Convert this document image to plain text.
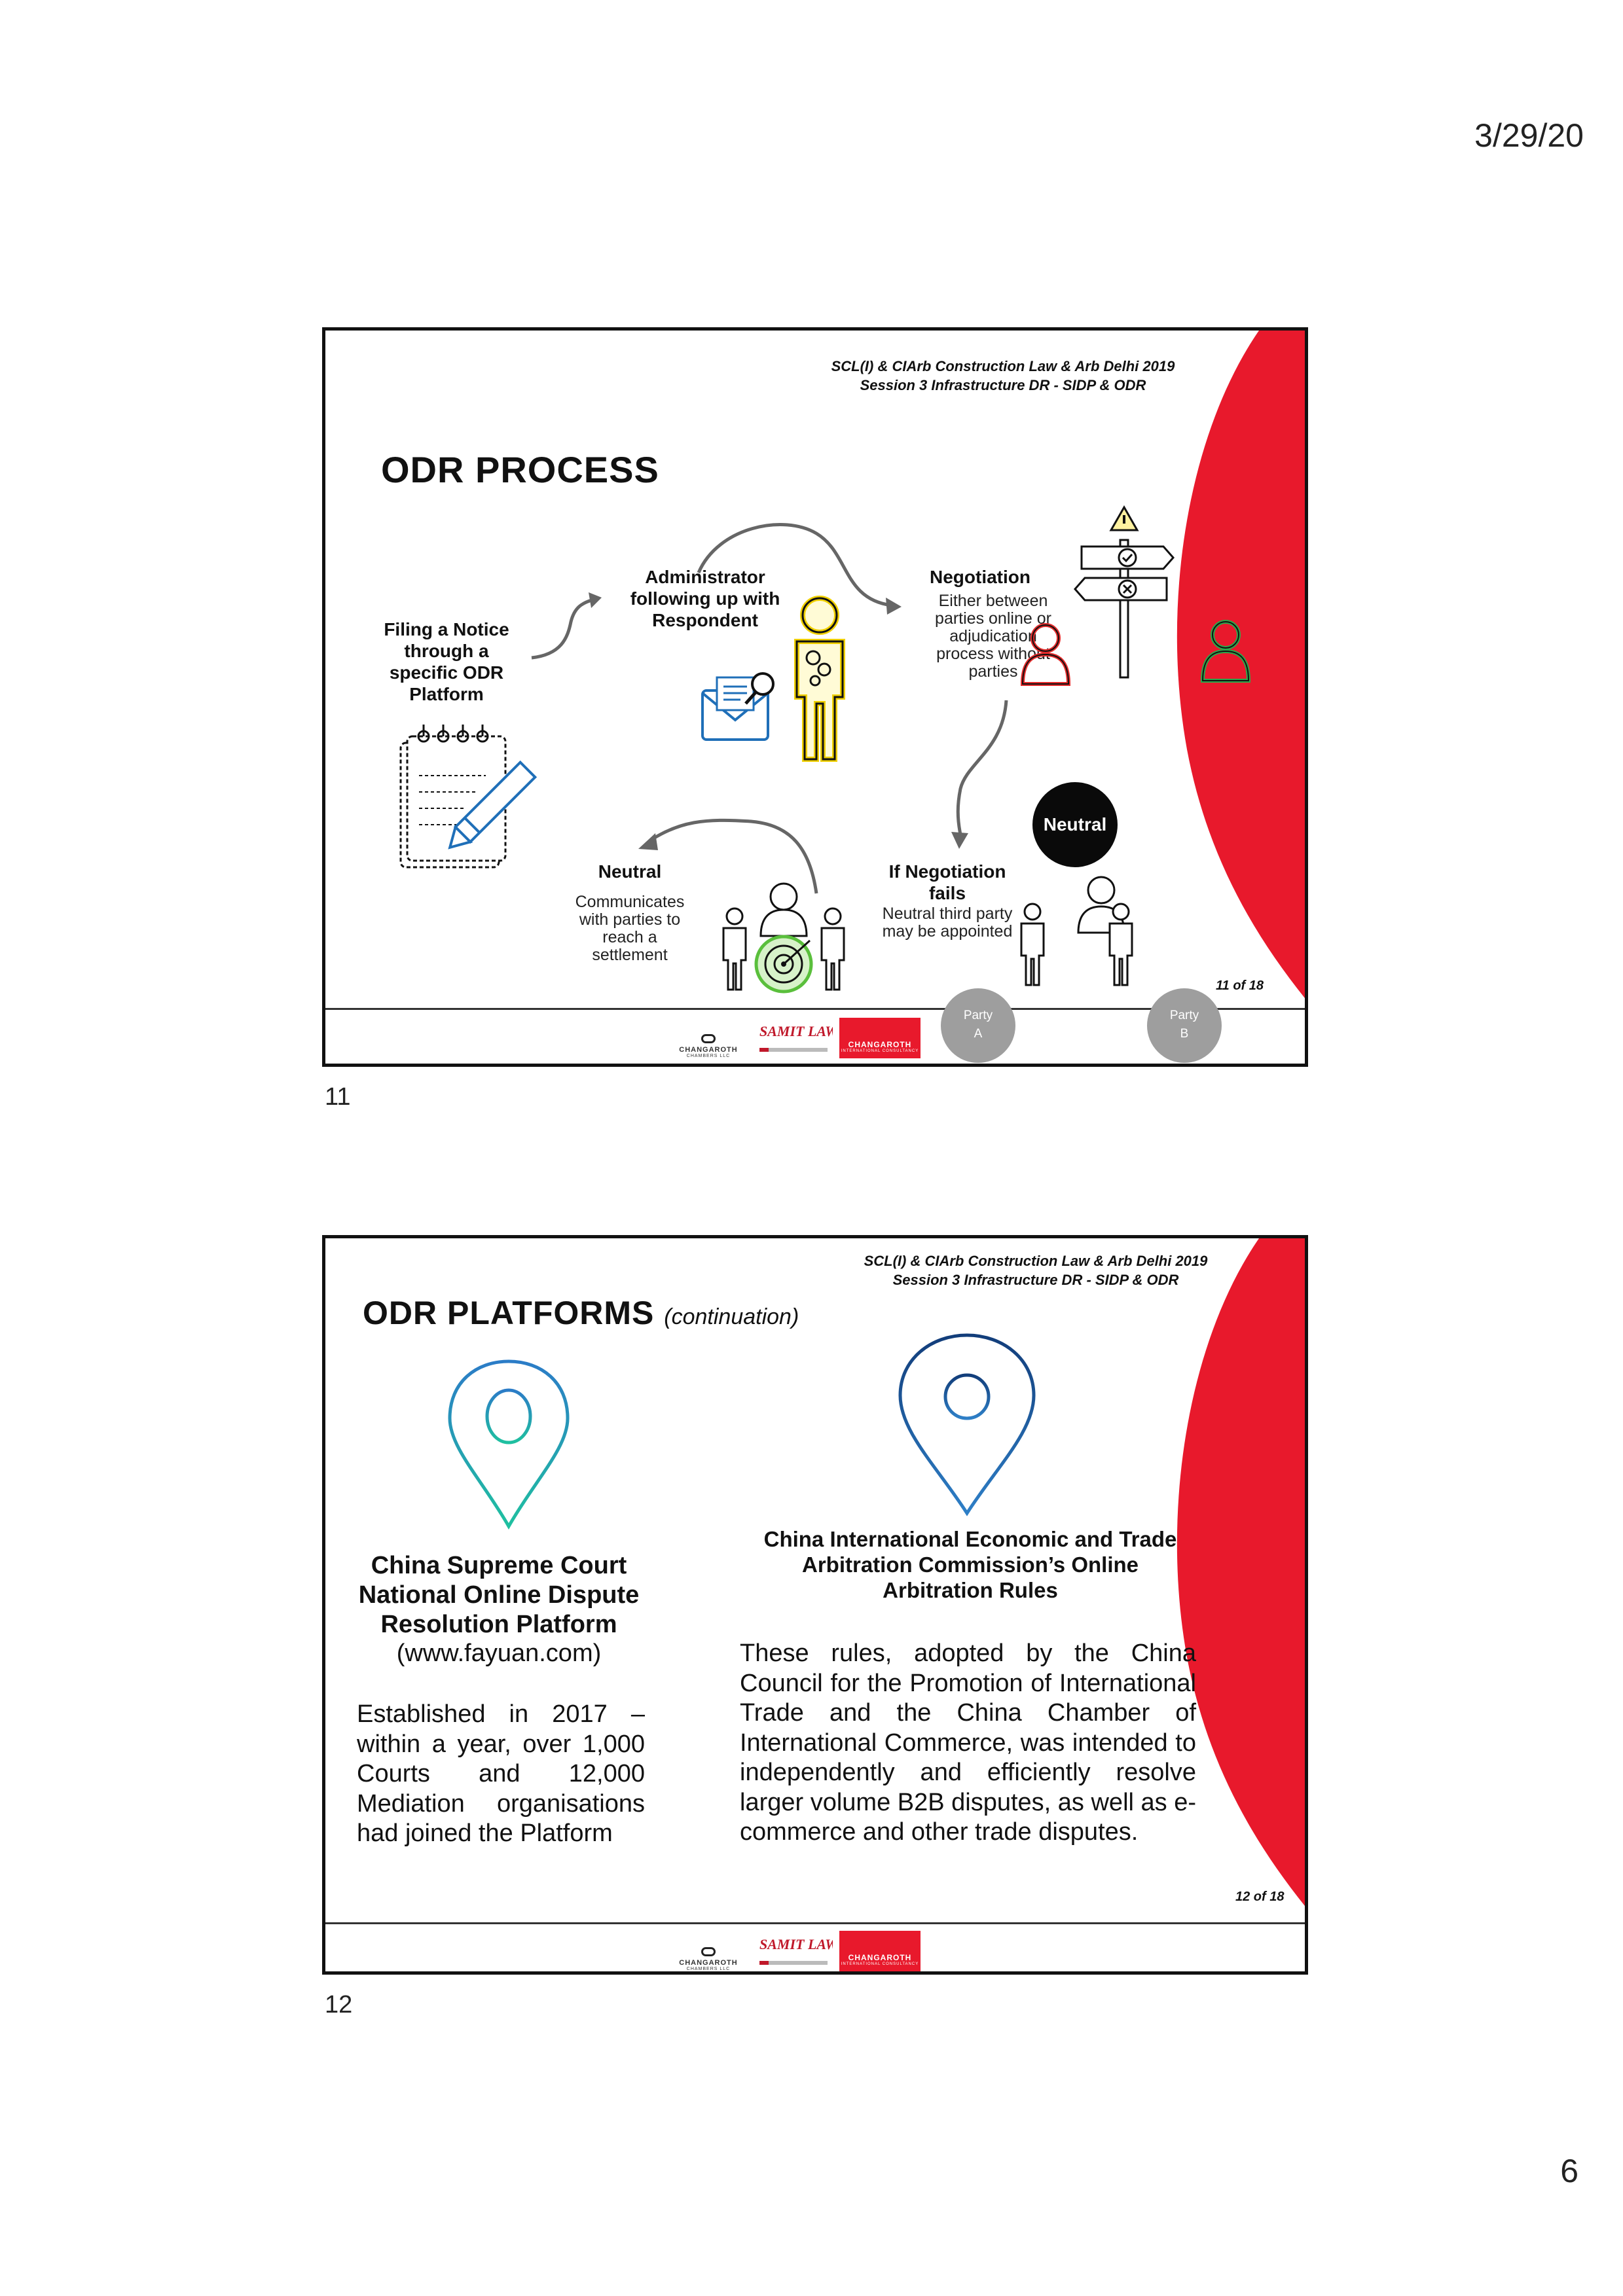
3/29/20
SCL(I) & CIArb Construction Law & Arb Delhi 2019
Session 3 Infrastructure DR - SIDP & ODR
ODR PROCESS
Filing a Notice through a specific ODR Platform
Administrator following up with Respondent
Negotiation
Either between parties online or adjudication process without parties
Neutral
If Negotiation fails
Neutral third party may be appointed
Neutral
Communicates with parties to reach a settlement
CHANGAROTH
CHAMBERS LLC
SAMIT LAW
CHANGAROTH
INTERNATIONAL CONSULTANCY
Party
A
Party
B
11 of 18
11
SCL(I) & CIArb Construction Law & Arb Delhi 2019
Session 3 Infrastructure DR - SIDP & ODR
ODR PLATFORMS (continuation)
China Supreme Court National Online Dispute Resolution Platform
(www.fayuan.com)
Established in 2017 – within a year, over 1,000 Courts and 12,000 Mediation organisations had joined the Platform
China International Economic and Trade Arbitration Commission’s Online Arbitration Rules
These rules, adopted by the China Council for the Promotion of International Trade and the China Chamber of International Commerce, was intended to independently and efficiently resolve larger volume B2B disputes, as well as e-commerce and other trade disputes.
12 of 18
CHANGAROTH
CHAMBERS LLC
SAMIT LAW
CHANGAROTH
INTERNATIONAL CONSULTANCY
12
6
